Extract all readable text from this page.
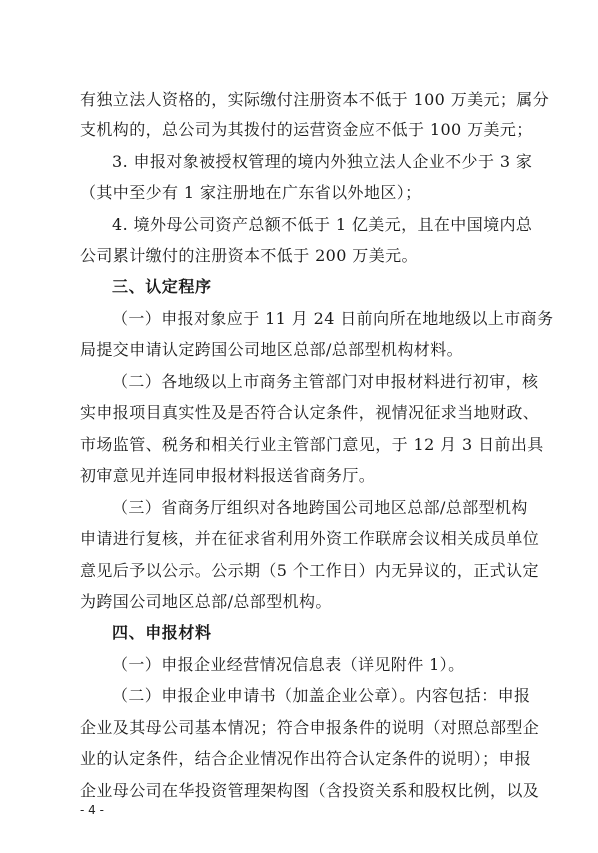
有独立法人资格的，实际缴付注册资本不低于 100 万美元；属分
支机构的，总公司为其拨付的运营资金应不低于 100 万美元；
3. 申报对象被授权管理的境内外独立法人企业不少于 3 家
（其中至少有 1 家注册地在广东省以外地区）；
4. 境外母公司资产总额不低于 1 亿美元，且在中国境内总
公司累计缴付的注册资本不低于 200 万美元。
三、认定程序
（一）申报对象应于 11 月 24 日前向所在地地级以上市商务
局提交申请认定跨国公司地区总部/总部型机构材料。
（二）各地级以上市商务主管部门对申报材料进行初审，核
实申报项目真实性及是否符合认定条件，视情况征求当地财政、
市场监管、税务和相关行业主管部门意见，于 12 月 3 日前出具
初审意见并连同申报材料报送省商务厅。
（三）省商务厅组织对各地跨国公司地区总部/总部型机构
申请进行复核，并在征求省利用外资工作联席会议相关成员单位
意见后予以公示。公示期（5 个工作日）内无异议的，正式认定
为跨国公司地区总部/总部型机构。
四、申报材料
（一）申报企业经营情况信息表（详见附件 1）。
（二）申报企业申请书（加盖企业公章）。内容包括：申报
企业及其母公司基本情况；符合申报条件的说明（对照总部型企
业的认定条件，结合企业情况作出符合认定条件的说明）；申报
企业母公司在华投资管理架构图（含投资关系和股权比例，以及
- 4 -
